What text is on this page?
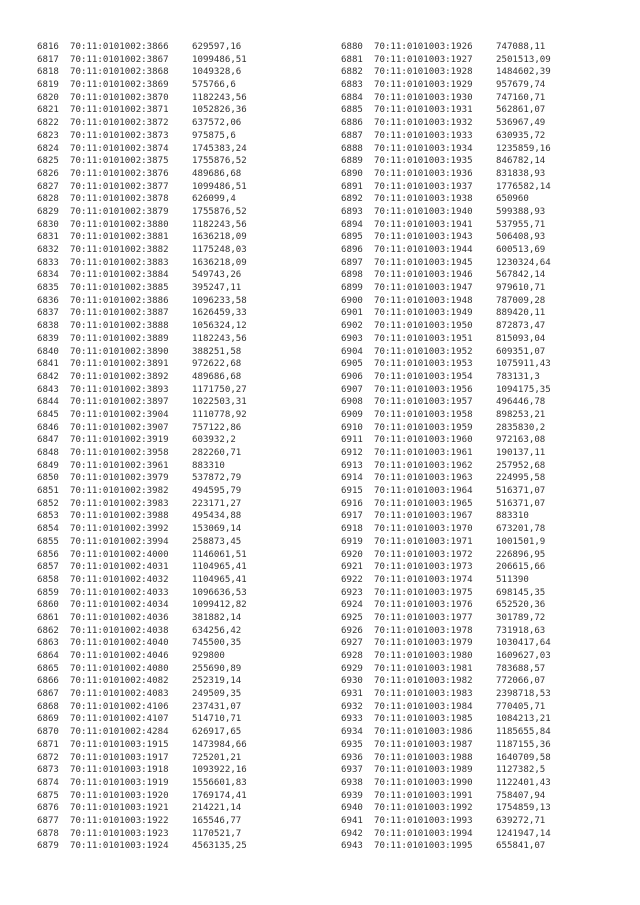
6816 70:11:0101002:3866	629597,16
6817 70:11:0101002:3867	1099486,51
6818 70:11:0101002:3868	1049328,6
6819 70:11:0101002:3869	575766,6
6820 70:11:0101002:3870	1182243,56
6821 70:11:0101002:3871	1052826,36
6822 70:11:0101002:3872	637572,06
6823 70:11:0101002:3873	975875,6
6824 70:11:0101002:3874	1745383,24
6825 70:11:0101002:3875	1755876,52
6826 70:11:0101002:3876	489686,68
6827 70:11:0101002:3877	1099486,51
6828 70:11:0101002:3878	626099,4
6829 70:11:0101002:3879	1755876,52
6830 70:11:0101002:3880	1182243,56
6831 70:11:0101002:3881	1636218,09
6832 70:11:0101002:3882	1175248,03
6833 70:11:0101002:3883	1636218,09
6834 70:11:0101002:3884	549743,26
6835 70:11:0101002:3885	395247,11
6836 70:11:0101002:3886	1096233,58
6837 70:11:0101002:3887	1626459,33
6838 70:11:0101002:3888	1056324,12
6839 70:11:0101002:3889	1182243,56
6840 70:11:0101002:3890	388251,58
6841 70:11:0101002:3891	972622,68
6842 70:11:0101002:3892	489686,68
6843 70:11:0101002:3893	1171750,27
6844 70:11:0101002:3897	1022503,31
6845 70:11:0101002:3904	1110778,92
6846 70:11:0101002:3907	757122,86
6847 70:11:0101002:3919	603932,2
6848 70:11:0101002:3958	282260,71
6849 70:11:0101002:3961	883310
6850 70:11:0101002:3979	537872,79
6851 70:11:0101002:3982	494595,79
6852 70:11:0101002:3983	223171,27
6853 70:11:0101002:3988	495434,88
6854 70:11:0101002:3992	153069,14
6855 70:11:0101002:3994	258873,45
6856 70:11:0101002:4000	1146061,51
6857 70:11:0101002:4031	1104965,41
6858 70:11:0101002:4032	1104965,41
6859 70:11:0101002:4033	1096636,53
6860 70:11:0101002:4034	1099412,82
6861 70:11:0101002:4036	381882,14
6862 70:11:0101002:4038	634256,42
6863 70:11:0101002:4040	745500,35
6864 70:11:0101002:4046	929800
6865 70:11:0101002:4080	255690,89
6866 70:11:0101002:4082	252319,14
6867 70:11:0101002:4083	249509,35
6868 70:11:0101002:4106	237431,07
6869 70:11:0101002:4107	514710,71
6870 70:11:0101002:4284	626917,65
6871 70:11:0101003:1915	1473984,66
6872 70:11:0101003:1917	725201,21
6873 70:11:0101003:1918	1093922,16
6874 70:11:0101003:1919	1556601,83
6875 70:11:0101003:1920	1769174,41
6876 70:11:0101003:1921	214221,14
6877 70:11:0101003:1922	165546,77
6878 70:11:0101003:1923	1170521,7
6879 70:11:0101003:1924	4563135,25
6880 70:11:0101003:1926	747088,11
6881 70:11:0101003:1927	2501513,09
6882 70:11:0101003:1928	1484602,39
6883 70:11:0101003:1929	957679,74
6884 70:11:0101003:1930	747160,71
6885 70:11:0101003:1931	562861,07
6886 70:11:0101003:1932	536967,49
6887 70:11:0101003:1933	630935,72
6888 70:11:0101003:1934	1235859,16
6889 70:11:0101003:1935	846782,14
6890 70:11:0101003:1936	831838,93
6891 70:11:0101003:1937	1776582,14
6892 70:11:0101003:1938	650960
6893 70:11:0101003:1940	599388,93
6894 70:11:0101003:1941	537955,71
6895 70:11:0101003:1943	506408,93
6896 70:11:0101003:1944	600513,69
6897 70:11:0101003:1945	1230324,64
6898 70:11:0101003:1946	567842,14
6899 70:11:0101003:1947	979610,71
6900 70:11:0101003:1948	787009,28
6901 70:11:0101003:1949	889420,11
6902 70:11:0101003:1950	872873,47
6903 70:11:0101003:1951	815093,04
6904 70:11:0101003:1952	609351,07
6905 70:11:0101003:1953	1075911,43
6906 70:11:0101003:1954	783131,3
6907 70:11:0101003:1956	1094175,35
6908 70:11:0101003:1957	496446,78
6909 70:11:0101003:1958	898253,21
6910 70:11:0101003:1959	2835830,2
6911 70:11:0101003:1960	972163,08
6912 70:11:0101003:1961	190137,11
6913 70:11:0101003:1962	257952,68
6914 70:11:0101003:1963	224995,58
6915 70:11:0101003:1964	516371,07
6916 70:11:0101003:1965	516371,07
6917 70:11:0101003:1967	883310
6918 70:11:0101003:1970	673201,78
6919 70:11:0101003:1971	1001501,9
6920 70:11:0101003:1972	226896,95
6921 70:11:0101003:1973	206615,66
6922 70:11:0101003:1974	511390
6923 70:11:0101003:1975	698145,35
6924 70:11:0101003:1976	652520,36
6925 70:11:0101003:1977	301789,72
6926 70:11:0101003:1978	731918,63
6927 70:11:0101003:1979	1030417,64
6928 70:11:0101003:1980	1609627,03
6929 70:11:0101003:1981	783688,57
6930 70:11:0101003:1982	772066,07
6931 70:11:0101003:1983	2398718,53
6932 70:11:0101003:1984	770405,71
6933 70:11:0101003:1985	1084213,21
6934 70:11:0101003:1986	1185655,84
6935 70:11:0101003:1987	1187155,36
6936 70:11:0101003:1988	1640709,58
6937 70:11:0101003:1989	1127382,5
6938 70:11:0101003:1990	1122401,43
6939 70:11:0101003:1991	758407,94
6940 70:11:0101003:1992	1754859,13
6941 70:11:0101003:1993	639272,71
6942 70:11:0101003:1994	1241947,14
6943 70:11:0101003:1995	655841,07
